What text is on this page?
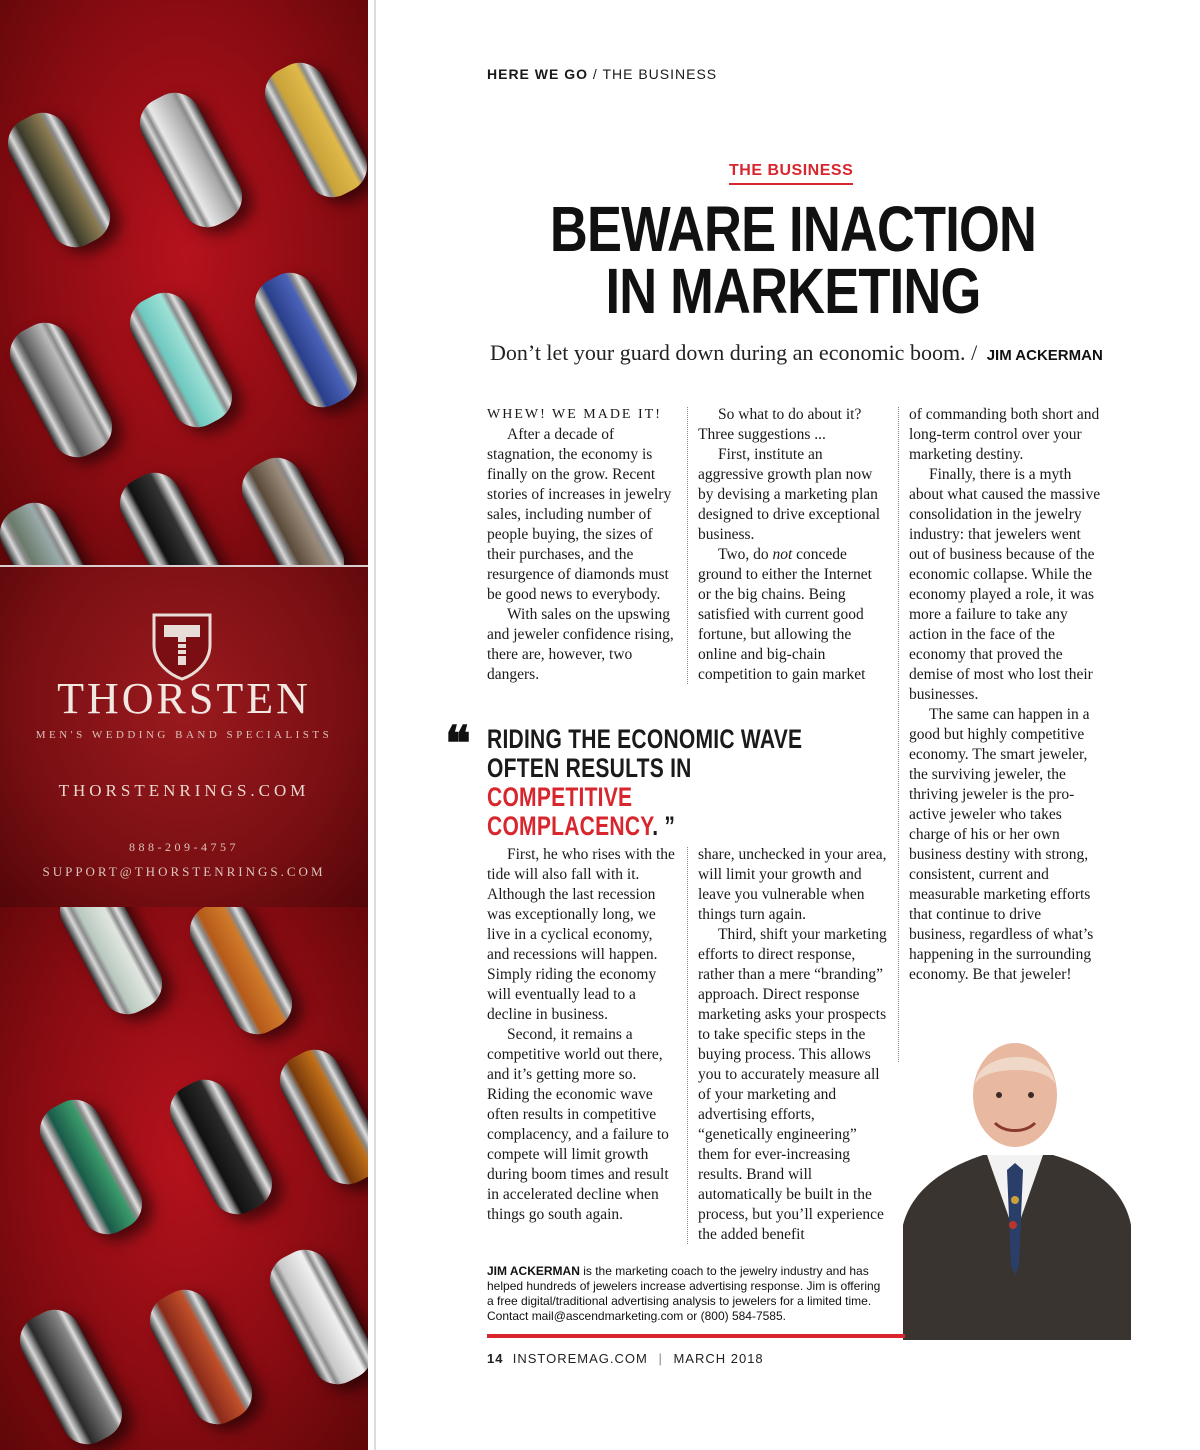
THORSTEN
MEN'S WEDDING BAND SPECIALISTS
THORSTENRINGS.COM
888-209-4757
SUPPORT@THORSTENRINGS.COM
HERE WE GO / THE BUSINESS
THE BUSINESS
BEWARE INACTION
IN MARKETING
Don’t let your guard down during an economic boom. / JIM ACKERMAN

WHEW! WE MADE IT!

After a decade of stagnation, the economy is finally on the grow. Recent stories of increases in jewelry sales, including number of people buying, the sizes of their purchases, and the resurgence of diamonds must be good news to everybody.

With sales on the upswing and jeweler confidence rising, there are, however, two dangers.

So what to do about it? Three suggestions ...

First, institute an aggressive growth plan now by devising a marketing plan designed to drive exceptional business.

Two, do not concede ground to either the Internet or the big chains. Being satisfied with current good fortune, but allowing the online and big-chain competition to gain market

of commanding both short and long-term control over your marketing destiny.

Finally, there is a myth about what caused the massive consolidation in the jewelry industry: that jewelers went out of business because of the economic collapse. While the economy played a role, it was more a failure to take any action in the face of the economy that proved the demise of most who lost their businesses.

The same can happen in a good but highly competitive economy. The smart jeweler, the surviving jeweler, the thriving jeweler is the pro-active jeweler who takes charge of his or her own business destiny with strong, consistent, current and measurable marketing efforts that continue to drive business, regardless of what’s happening in the surrounding economy. Be that jeweler!

❝ RIDING THE ECONOMIC WAVE
OFTEN RESULTS IN COMPETITIVE
COMPLACENCY. ”

First, he who rises with the tide will also fall with it. Although the last recession was exceptionally long, we live in a cyclical economy, and recessions will happen. Simply riding the economy will eventually lead to a decline in business.

Second, it remains a competitive world out there, and it’s getting more so. Riding the economic wave often results in competitive complacency, and a failure to compete will limit growth during boom times and result in accelerated decline when things go south again.

share, unchecked in your area, will limit your growth and leave you vulnerable when things turn again.

Third, shift your marketing efforts to direct response, rather than a mere “branding” approach. Direct response marketing asks your prospects to take specific steps in the buying process. This allows you to accurately measure all of your marketing and advertising efforts, “genetically engineering” them for ever-increasing results. Brand will automatically be built in the process, but you’ll experience the added benefit

JIM ACKERMAN is the marketing coach to the jewelry industry and has helped hundreds of jewelers increase advertising response. Jim is offering a free digital/traditional advertising analysis to jewelers for a limited time. Contact mail@ascendmarketing.com or (800) 584-7585.
14 INSTOREMAG.COM | MARCH 2018
